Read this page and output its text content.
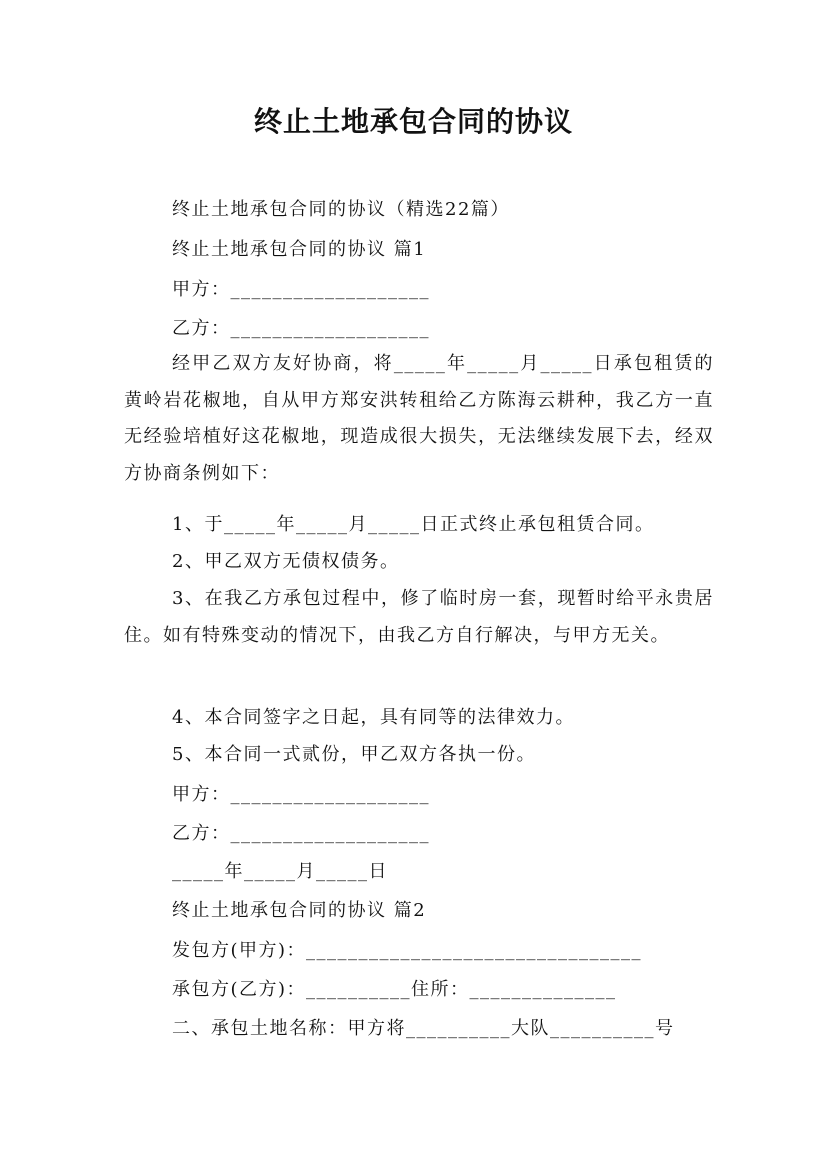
终止土地承包合同的协议
终止土地承包合同的协议（精选22篇）
终止土地承包合同的协议 篇1
甲方：___________________
乙方：___________________
经甲乙双方友好协商，将_____年_____月_____日承包租赁的黄岭岩花椒地，自从甲方郑安洪转租给乙方陈海云耕种，我乙方一直无经验培植好这花椒地，现造成很大损失，无法继续发展下去，经双方协商条例如下：
1、于_____年_____月_____日正式终止承包租赁合同。
2、甲乙双方无债权债务。
3、在我乙方承包过程中，修了临时房一套，现暂时给平永贵居住。如有特殊变动的情况下，由我乙方自行解决，与甲方无关。
4、本合同签字之日起，具有同等的法律效力。
5、本合同一式贰份，甲乙双方各执一份。
甲方：___________________
乙方：___________________
_____年_____月_____日
终止土地承包合同的协议 篇2
发包方(甲方)：________________________________
承包方(乙方)：__________住所：______________
二、承包土地名称：甲方将__________大队__________号
